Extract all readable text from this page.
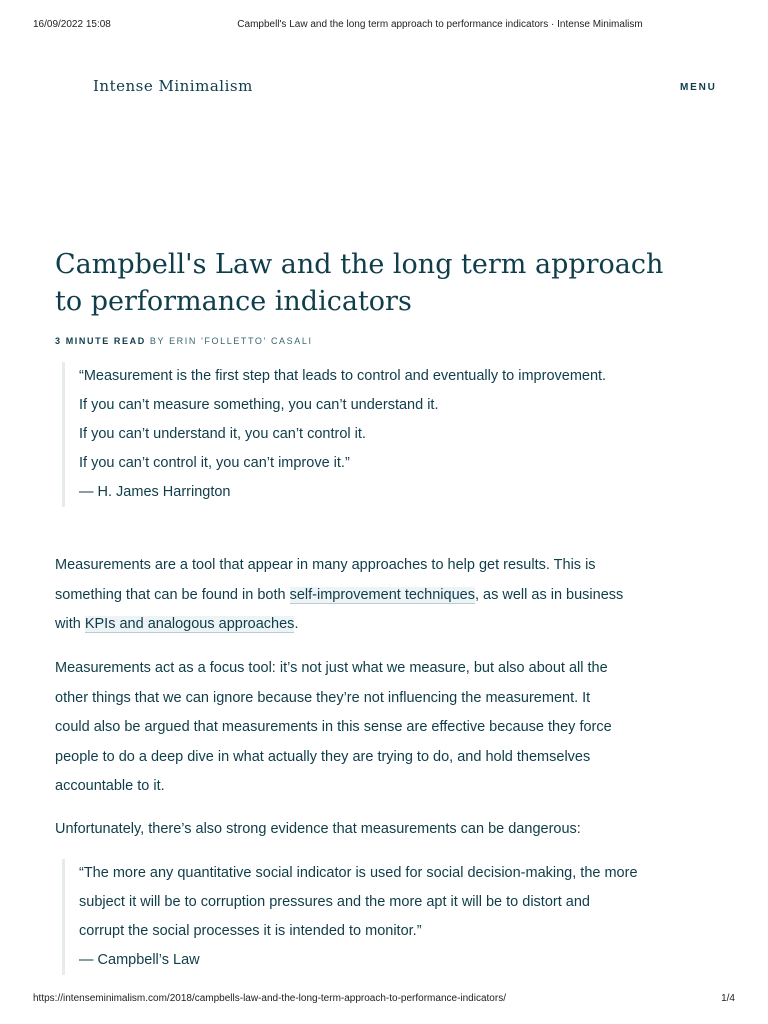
16/09/2022 15:08	Campbell's Law and the long term approach to performance indicators · Intense Minimalism
Intense Minimalism	MENU
Campbell's Law and the long term approach to performance indicators
3 MINUTE READ BY ERIN 'FOLLETTO' CASALI

“Measurement is the first step that leads to control and eventually to improvement.

If you can’t measure something, you can’t understand it.

If you can’t understand it, you can’t control it.

If you can’t control it, you can’t improve it.”

— H. James Harrington

Measurements are a tool that appear in many approaches to help get results. This is something that can be found in both self-improvement techniques, as well as in business with KPIs and analogous approaches.

Measurements act as a focus tool: it’s not just what we measure, but also about all the other things that we can ignore because they’re not influencing the measurement. It could also be argued that measurements in this sense are effective because they force people to do a deep dive in what actually they are trying to do, and hold themselves accountable to it.

Unfortunately, there’s also strong evidence that measurements can be dangerous:

“The more any quantitative social indicator is used for social decision-making, the more subject it will be to corruption pressures and the more apt it will be to distort and corrupt the social processes it is intended to monitor.”

— Campbell’s Law

https://intenseminimalism.com/2018/campbells-law-and-the-long-term-approach-to-performance-indicators/	1/4
